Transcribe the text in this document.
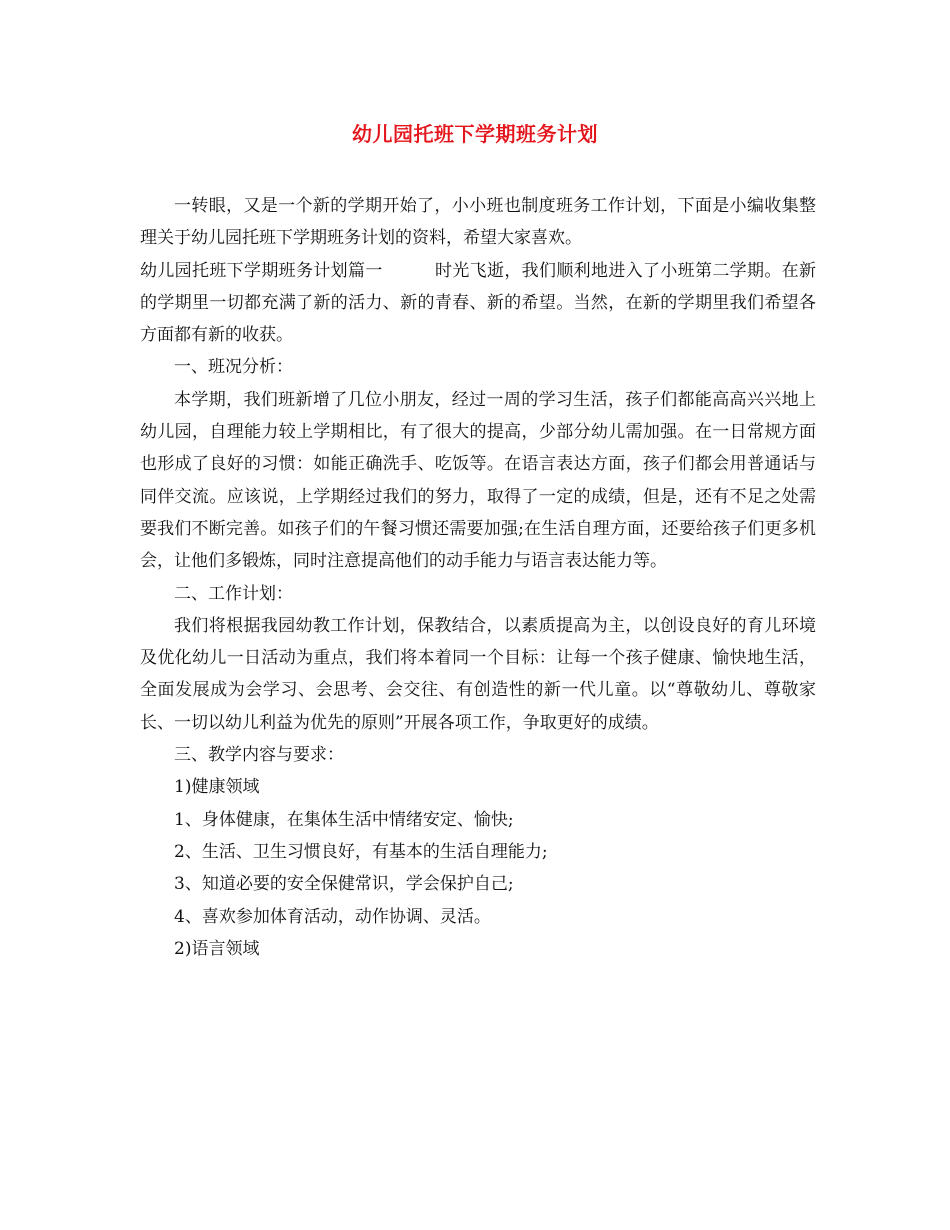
幼儿园托班下学期班务计划

一转眼，又是一个新的学期开始了，小小班也制度班务工作计划，下面是小编收集整理关于幼儿园托班下学期班务计划的资料，希望大家喜欢。

幼儿园托班下学期班务计划篇一	时光飞逝，我们顺利地进入了小班第二学期。在新的学期里一切都充满了新的活力、新的青春、新的希望。当然，在新的学期里我们希望各方面都有新的收获。

一、班况分析：

本学期，我们班新增了几位小朋友，经过一周的学习生活，孩子们都能高高兴兴地上幼儿园，自理能力较上学期相比，有了很大的提高，少部分幼儿需加强。在一日常规方面也形成了良好的习惯：如能正确洗手、吃饭等。在语言表达方面，孩子们都会用普通话与同伴交流。应该说，上学期经过我们的努力，取得了一定的成绩，但是，还有不足之处需要我们不断完善。如孩子们的午餐习惯还需要加强;在生活自理方面，还要给孩子们更多机会，让他们多锻炼，同时注意提高他们的动手能力与语言表达能力等。

二、工作计划：

我们将根据我园幼教工作计划，保教结合，以素质提高为主，以创设良好的育儿环境及优化幼儿一日活动为重点，我们将本着同一个目标：让每一个孩子健康、愉快地生活，全面发展成为会学习、会思考、会交往、有创造性的新一代儿童。以“尊敬幼儿、尊敬家长、一切以幼儿利益为优先的原则”开展各项工作，争取更好的成绩。

三、教学内容与要求：

1)健康领域

1、身体健康，在集体生活中情绪安定、愉快;

2、生活、卫生习惯良好，有基本的生活自理能力;

3、知道必要的安全保健常识，学会保护自己;

4、喜欢参加体育活动，动作协调、灵活。

2)语言领域
